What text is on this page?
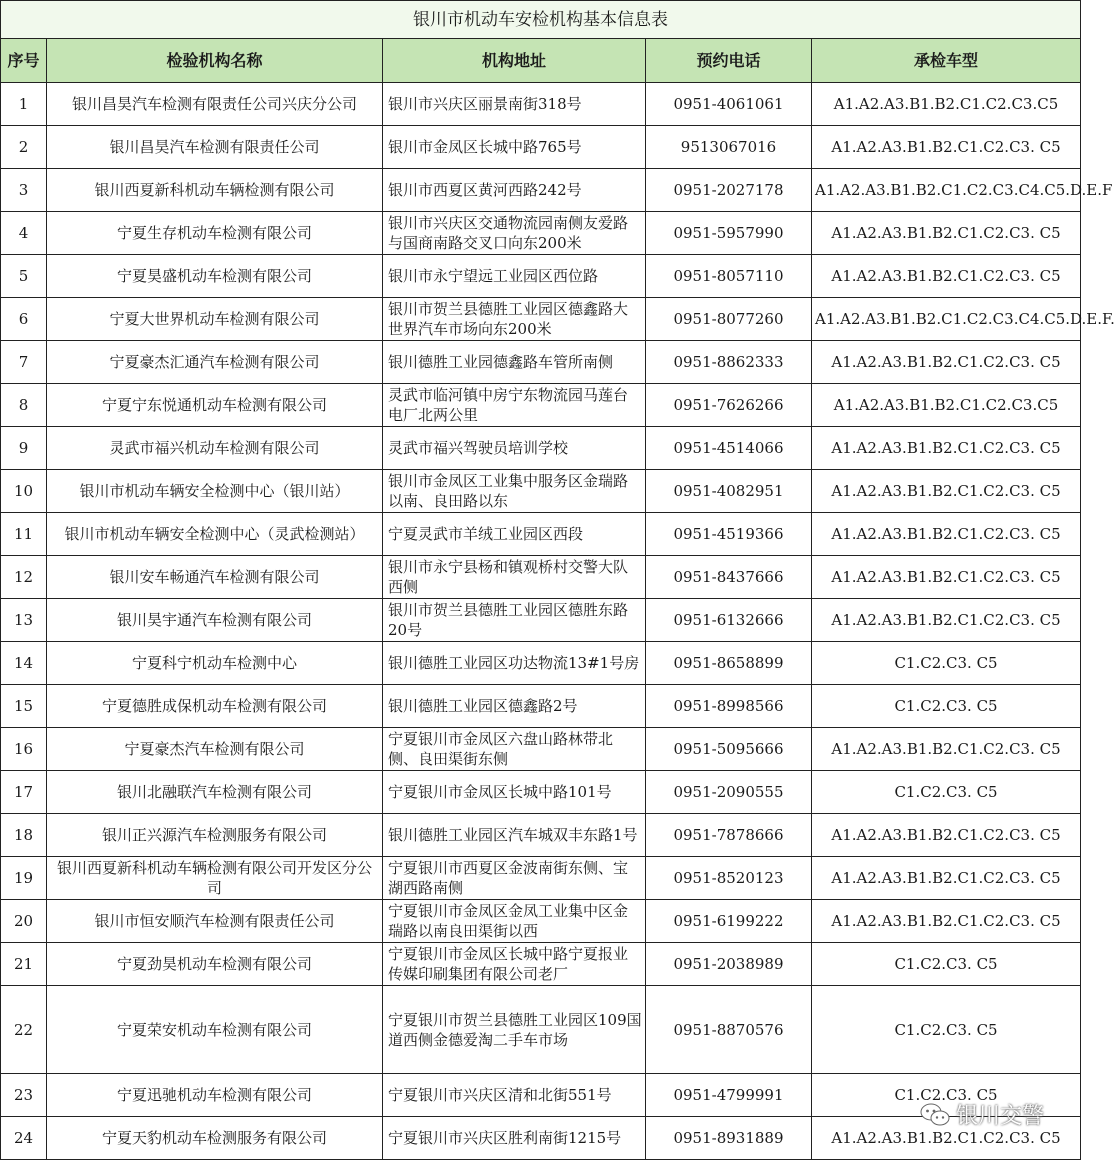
银川市机动车安检机构基本信息表				
序号	检验机构名称	机构地址	预约电话	承检车型
1	银川昌昊汽车检测有限责任公司兴庆分公司	银川市兴庆区丽景南街318号	0951-4061061	A1.A2.A3.B1.B2.C1.C2.C3.C5
2	银川昌昊汽车检测有限责任公司	银川市金凤区长城中路765号	9513067016	A1.A2.A3.B1.B2.C1.C2.C3. C5
3	银川西夏新科机动车辆检测有限公司	银川市西夏区黄河西路242号	0951-2027178	A1.A2.A3.B1.B2.C1.C2.C3.C4.C5.D.E.F
4	宁夏生存机动车检测有限公司	银川市兴庆区交通物流园南侧友爱路与国商南路交叉口向东200米	0951-5957990	A1.A2.A3.B1.B2.C1.C2.C3. C5
5	宁夏昊盛机动车检测有限公司	银川市永宁望远工业园区西位路	0951-8057110	A1.A2.A3.B1.B2.C1.C2.C3. C5
6	宁夏大世界机动车检测有限公司	银川市贺兰县德胜工业园区德鑫路大世界汽车市场向东200米	0951-8077260	A1.A2.A3.B1.B2.C1.C2.C3.C4.C5.D.E.F.
7	宁夏豪杰汇通汽车检测有限公司	银川德胜工业园德鑫路车管所南侧	0951-8862333	A1.A2.A3.B1.B2.C1.C2.C3. C5
8	宁夏宁东悦通机动车检测有限公司	灵武市临河镇中房宁东物流园马莲台电厂北两公里	0951-7626266	A1.A2.A3.B1.B2.C1.C2.C3.C5
9	灵武市福兴机动车检测有限公司	灵武市福兴驾驶员培训学校	0951-4514066	A1.A2.A3.B1.B2.C1.C2.C3. C5
10	银川市机动车辆安全检测中心（银川站）	银川市金凤区工业集中服务区金瑞路以南、良田路以东	0951-4082951	A1.A2.A3.B1.B2.C1.C2.C3. C5
11	银川市机动车辆安全检测中心（灵武检测站）	宁夏灵武市羊绒工业园区西段	0951-4519366	A1.A2.A3.B1.B2.C1.C2.C3. C5
12	银川安车畅通汽车检测有限公司	银川市永宁县杨和镇观桥村交警大队西侧	0951-8437666	A1.A2.A3.B1.B2.C1.C2.C3. C5
13	银川昊宇通汽车检测有限公司	银川市贺兰县德胜工业园区德胜东路20号	0951-6132666	A1.A2.A3.B1.B2.C1.C2.C3. C5
14	宁夏科宁机动车检测中心	银川德胜工业园区功达物流13#1号房	0951-8658899	C1.C2.C3. C5
15	宁夏德胜成保机动车检测有限公司	银川德胜工业园区德鑫路2号	0951-8998566	C1.C2.C3. C5
16	宁夏豪杰汽车检测有限公司	宁夏银川市金凤区六盘山路林带北侧、良田渠街东侧	0951-5095666	A1.A2.A3.B1.B2.C1.C2.C3. C5
17	银川北融联汽车检测有限公司	宁夏银川市金凤区长城中路101号	0951-2090555	C1.C2.C3. C5
18	银川正兴源汽车检测服务有限公司	银川德胜工业园区汽车城双丰东路1号	0951-7878666	A1.A2.A3.B1.B2.C1.C2.C3. C5
19	银川西夏新科机动车辆检测有限公司开发区分公司	宁夏银川市西夏区金波南街东侧、宝湖西路南侧	0951-8520123	A1.A2.A3.B1.B2.C1.C2.C3. C5
20	银川市恒安顺汽车检测有限责任公司	宁夏银川市金凤区金凤工业集中区金瑞路以南良田渠街以西	0951-6199222	A1.A2.A3.B1.B2.C1.C2.C3. C5
21	宁夏劲昊机动车检测有限公司	宁夏银川市金凤区长城中路宁夏报业传媒印刷集团有限公司老厂	0951-2038989	C1.C2.C3. C5
22	宁夏荣安机动车检测有限公司	宁夏银川市贺兰县德胜工业园区109国道西侧金德爱淘二手车市场	0951-8870576	C1.C2.C3. C5
23	宁夏迅驰机动车检测有限公司	宁夏银川市兴庆区清和北街551号	0951-4799991	C1.C2.C3. C5
24	宁夏天豹机动车检测服务有限公司	宁夏银川市兴庆区胜利南街1215号	0951-8931889	A1.A2.A3.B1.B2.C1.C2.C3. C5
银川交警
